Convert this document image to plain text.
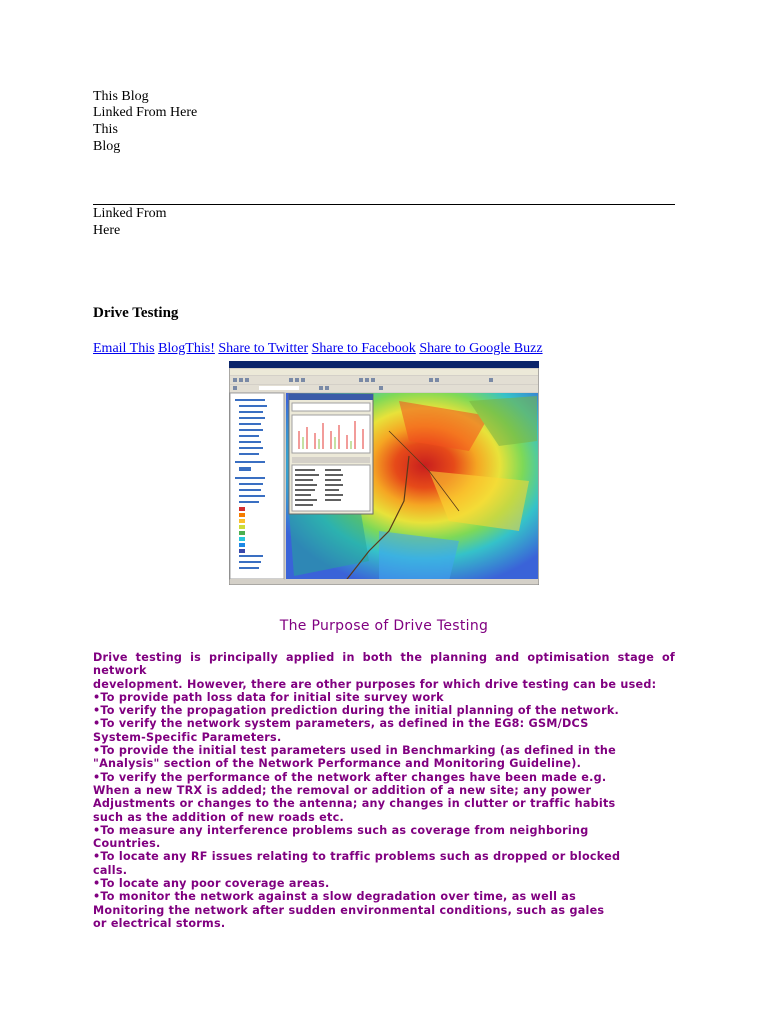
This Blog
Linked From Here
This
Blog
Linked From
Here
Drive Testing
Email This BlogThis! Share to Twitter Share to Facebook Share to Google Buzz
The Purpose of Drive Testing
Drive testing is principally applied in both the planning and optimisation stage of network
development. However, there are other purposes for which drive testing can be used:
•To provide path loss data for initial site survey work
•To verify the propagation prediction during the initial planning of the network.
•To verify the network system parameters, as defined in the EG8: GSM/DCS
System-Specific Parameters.
•To provide the initial test parameters used in Benchmarking (as defined in the
"Analysis" section of the Network Performance and Monitoring Guideline).
•To verify the performance of the network after changes have been made e.g.
When a new TRX is added; the removal or addition of a new site; any power
Adjustments or changes to the antenna; any changes in clutter or traffic habits
such as the addition of new roads etc.
•To measure any interference problems such as coverage from neighboring
Countries.
•To locate any RF issues relating to traffic problems such as dropped or blocked
calls.
•To locate any poor coverage areas.
•To monitor the network against a slow degradation over time, as well as
Monitoring the network after sudden environmental conditions, such as gales
or electrical storms.
